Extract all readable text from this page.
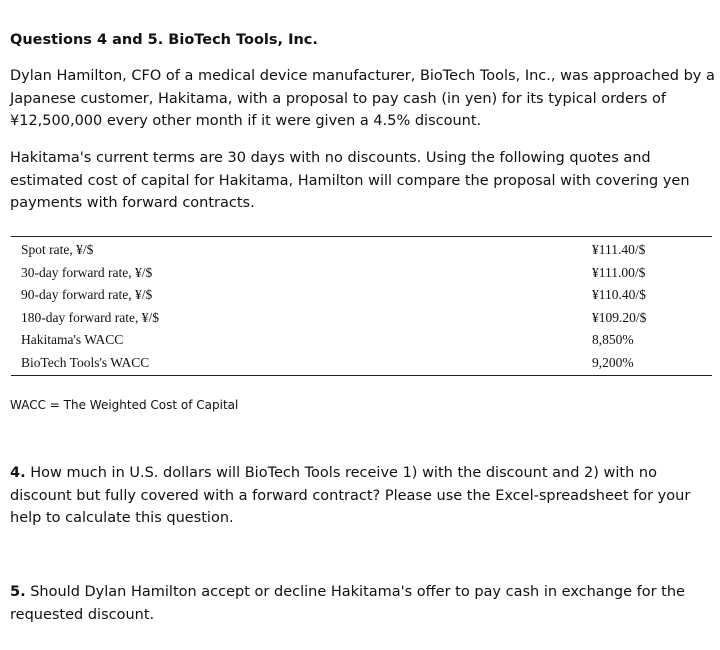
Questions 4 and 5. BioTech Tools, Inc.
Dylan Hamilton, CFO of a medical device manufacturer, BioTech Tools, Inc., was approached by a Japanese customer, Hakitama, with a proposal to pay cash (in yen) for its typical orders of ¥12,500,000 every other month if it were given a 4.5% discount.
Hakitama's current terms are 30 days with no discounts. Using the following quotes and estimated cost of capital for Hakitama, Hamilton will compare the proposal with covering yen payments with forward contracts.
Spot rate, ¥/$	¥111.40/$
30-day forward rate, ¥/$	¥111.00/$
90-day forward rate, ¥/$	¥110.40/$
180-day forward rate, ¥/$	¥109.20/$
Hakitama's WACC	8,850%
BioTech Tools's WACC	9,200%
WACC = The Weighted Cost of Capital
4. How much in U.S. dollars will BioTech Tools receive 1) with the discount and 2) with no discount but fully covered with a forward contract? Please use the Excel-spreadsheet for your help to calculate this question.
5. Should Dylan Hamilton accept or decline Hakitama's offer to pay cash in exchange for the requested discount.
